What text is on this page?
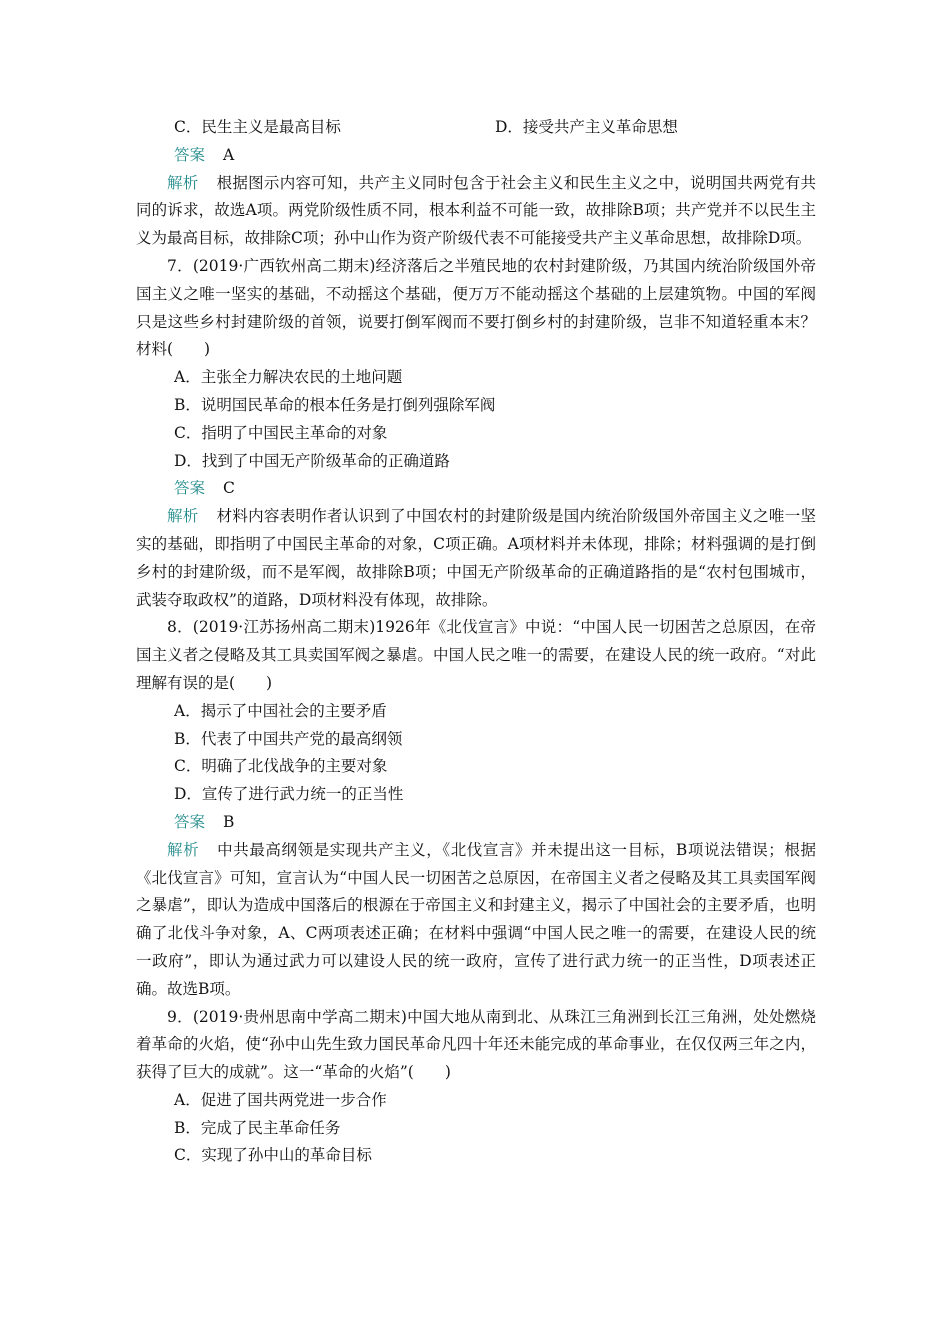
C．民生主义是最高目标	D．接受共产主义革命思想

答案 A

解析 根据图示内容可知，共产主义同时包含于社会主义和民生主义之中，说明国共两党有共同的诉求，故选A项。两党阶级性质不同，根本利益不可能一致，故排除B项；共产党并不以民生主义为最高目标，故排除C项；孙中山作为资产阶级代表不可能接受共产主义革命思想，故排除D项。

7．(2019·广西钦州高二期末)经济落后之半殖民地的农村封建阶级，乃其国内统治阶级国外帝国主义之唯一坚实的基础，不动摇这个基础，便万万不能动摇这个基础的上层建筑物。中国的军阀只是这些乡村封建阶级的首领，说要打倒军阀而不要打倒乡村的封建阶级，岂非不知道轻重本末？材料(　　)

A．主张全力解决农民的土地问题

B．说明国民革命的根本任务是打倒列强除军阀

C．指明了中国民主革命的对象

D．找到了中国无产阶级革命的正确道路

答案 C

解析 材料内容表明作者认识到了中国农村的封建阶级是国内统治阶级国外帝国主义之唯一坚实的基础，即指明了中国民主革命的对象，C项正确。A项材料并未体现，排除；材料强调的是打倒乡村的封建阶级，而不是军阀，故排除B项；中国无产阶级革命的正确道路指的是“农村包围城市，武装夺取政权”的道路，D项材料没有体现，故排除。

8．(2019·江苏扬州高二期末)1926年《北伐宣言》中说：“中国人民一切困苦之总原因，在帝国主义者之侵略及其工具卖国军阀之暴虐。中国人民之唯一的需要，在建设人民的统一政府。“对此理解有误的是(　　)

A．揭示了中国社会的主要矛盾

B．代表了中国共产党的最高纲领

C．明确了北伐战争的主要对象

D．宣传了进行武力统一的正当性

答案 B

解析 中共最高纲领是实现共产主义，《北伐宣言》并未提出这一目标，B项说法错误；根据《北伐宣言》可知，宣言认为“中国人民一切困苦之总原因，在帝国主义者之侵略及其工具卖国军阀之暴虐”，即认为造成中国落后的根源在于帝国主义和封建主义，揭示了中国社会的主要矛盾，也明确了北伐斗争对象，A、C两项表述正确；在材料中强调“中国人民之唯一的需要，在建设人民的统一政府”，即认为通过武力可以建设人民的统一政府，宣传了进行武力统一的正当性，D项表述正确。故选B项。

9．(2019·贵州思南中学高二期末)中国大地从南到北、从珠江三角洲到长江三角洲，处处燃烧着革命的火焰，使“孙中山先生致力国民革命凡四十年还未能完成的革命事业，在仅仅两三年之内，获得了巨大的成就”。这一“革命的火焰”(　　)

A．促进了国共两党进一步合作

B．完成了民主革命任务

C．实现了孙中山的革命目标
